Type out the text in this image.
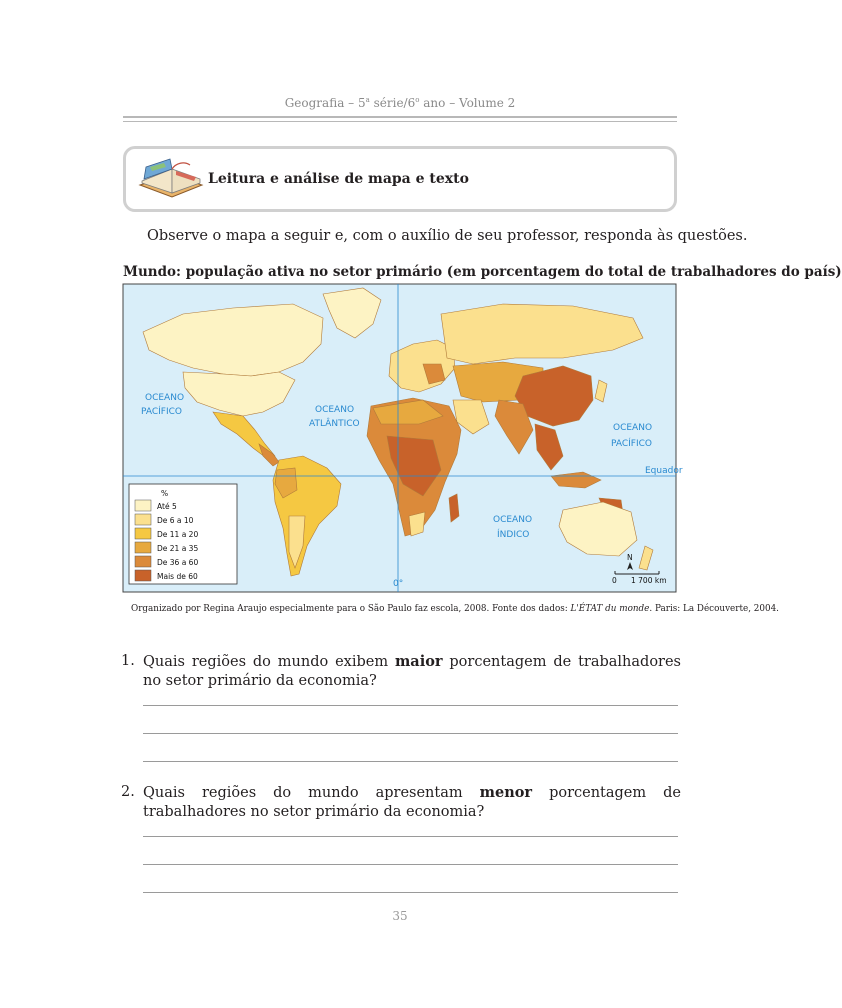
Geografia – 5$^a$ série/6$^o$ ano – Volume 2
Leitura e análise de mapa e texto
Observe o mapa a seguir e, com o auxílio de seu professor, responda às questões.
Mundo: população ativa no setor primário (em porcentagem do total de trabalhadores do país)
Equador
0°
OCEANO
PACÍFICO	OCEANO
ATLÂNTICO	OCEANO
PACÍFICO
OCEANO
ÍNDICO
%
Até 5
De 6 a 10
De 11 a 20
De 21 a 35
De 36 a 60
Mais de 60
N
0 1 700 km
Organizado por Regina Araujo especialmente para o São Paulo faz escola, 2008. Fonte dos dados: L'ÉTAT du monde. Paris: La Découverte, 2004.
1. Quais regiões do mundo exibem maior porcentagem de trabalhadores no setor primário da economia?
2. Quais regiões do mundo apresentam menor porcentagem de trabalhadores no setor primário da economia?
35
